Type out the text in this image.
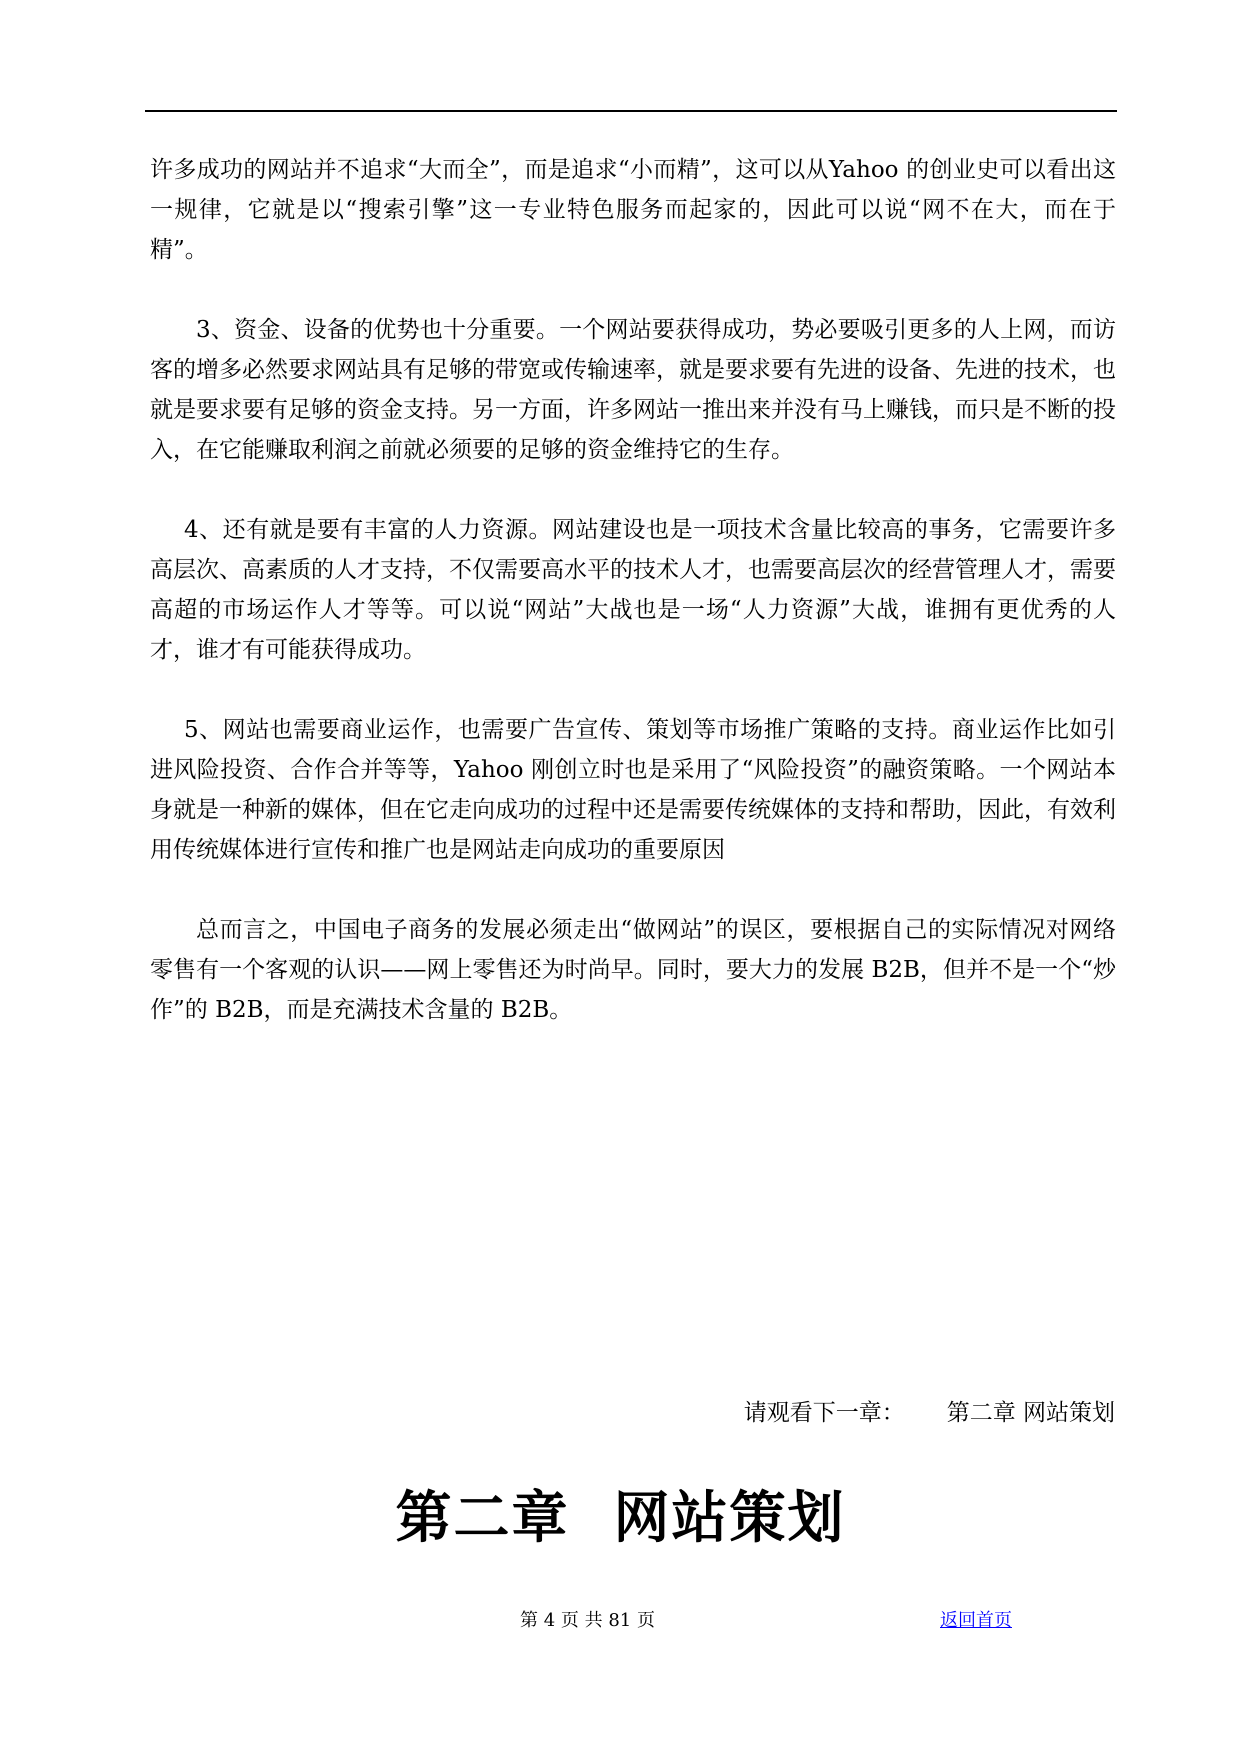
许多成功的网站并不追求“大而全”，而是追求“小而精”，这可以从Yahoo 的创业史可以看出这一规律，它就是以“搜索引擎”这一专业特色服务而起家的，因此可以说“网不在大，而在于精”。

3、资金、设备的优势也十分重要。一个网站要获得成功，势必要吸引更多的人上网，而访客的增多必然要求网站具有足够的带宽或传输速率，就是要求要有先进的设备、先进的技术，也就是要求要有足够的资金支持。另一方面，许多网站一推出来并没有马上赚钱，而只是不断的投入，在它能赚取利润之前就必须要的足够的资金维持它的生存。

4、还有就是要有丰富的人力资源。网站建设也是一项技术含量比较高的事务，它需要许多高层次、高素质的人才支持，不仅需要高水平的技术人才，也需要高层次的经营管理人才，需要高超的市场运作人才等等。可以说“网站”大战也是一场“人力资源”大战，谁拥有更优秀的人才，谁才有可能获得成功。

5、网站也需要商业运作，也需要广告宣传、策划等市场推广策略的支持。商业运作比如引进风险投资、合作合并等等，Yahoo 刚创立时也是采用了“风险投资”的融资策略。一个网站本身就是一种新的媒体，但在它走向成功的过程中还是需要传统媒体的支持和帮助，因此，有效利用传统媒体进行宣传和推广也是网站走向成功的重要原因

总而言之，中国电子商务的发展必须走出“做网站”的误区，要根据自己的实际情况对网络零售有一个客观的认识——网上零售还为时尚早。同时，要大力的发展 B2B，但并不是一个“炒作”的 B2B，而是充满技术含量的 B2B。

请观看下一章： 第二章 网站策划
第二章 网站策划
第 4 页 共 81 页	返回首页
